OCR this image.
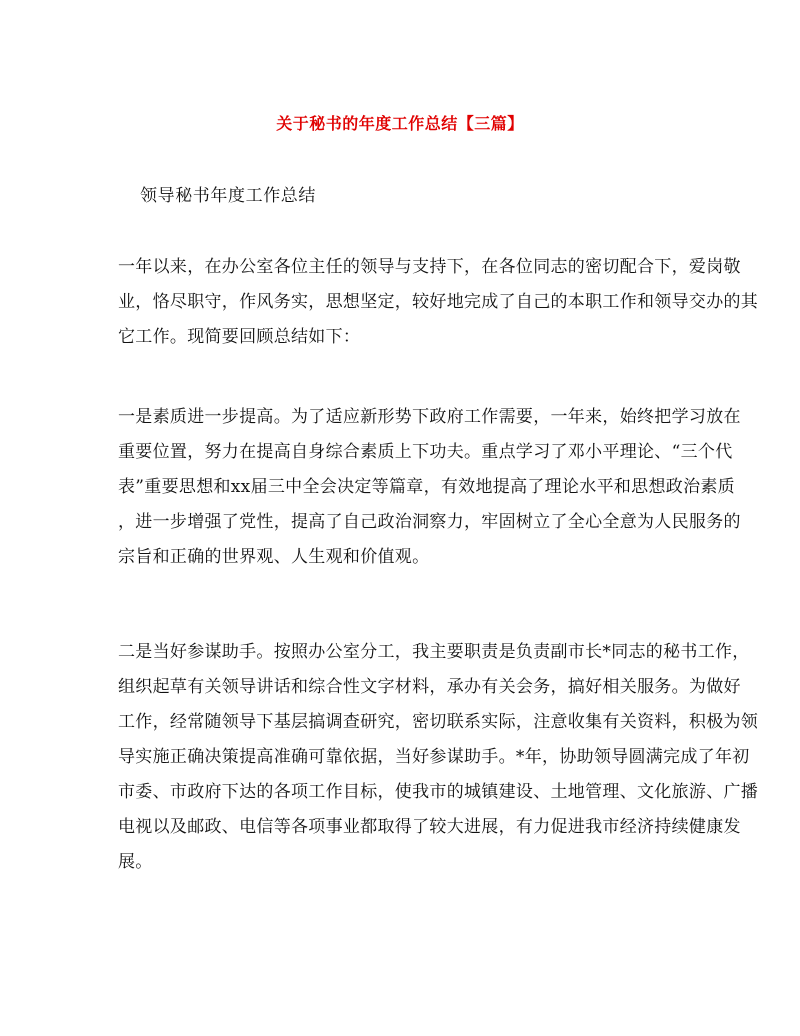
关于秘书的年度工作总结【三篇】
领导秘书年度工作总结
一年以来，在办公室各位主任的领导与支持下，在各位同志的密切配合下，爱岗敬
业，恪尽职守，作风务实，思想坚定，较好地完成了自己的本职工作和领导交办的其
它工作。现简要回顾总结如下：
一是素质进一步提高。为了适应新形势下政府工作需要，一年来，始终把学习放在
重要位置，努力在提高自身综合素质上下功夫。重点学习了邓小平理论、“三个代
表”重要思想和xx届三中全会决定等篇章，有效地提高了理论水平和思想政治素质
，进一步增强了党性，提高了自己政治洞察力，牢固树立了全心全意为人民服务的
宗旨和正确的世界观、人生观和价值观。
二是当好参谋助手。按照办公室分工，我主要职责是负责副市长*同志的秘书工作，
组织起草有关领导讲话和综合性文字材料，承办有关会务，搞好相关服务。为做好
工作，经常随领导下基层搞调查研究，密切联系实际，注意收集有关资料，积极为领
导实施正确决策提高准确可靠依据，当好参谋助手。*年，协助领导圆满完成了年初
市委、市政府下达的各项工作目标，使我市的城镇建设、土地管理、文化旅游、广播
电视以及邮政、电信等各项事业都取得了较大进展，有力促进我市经济持续健康发
展。
